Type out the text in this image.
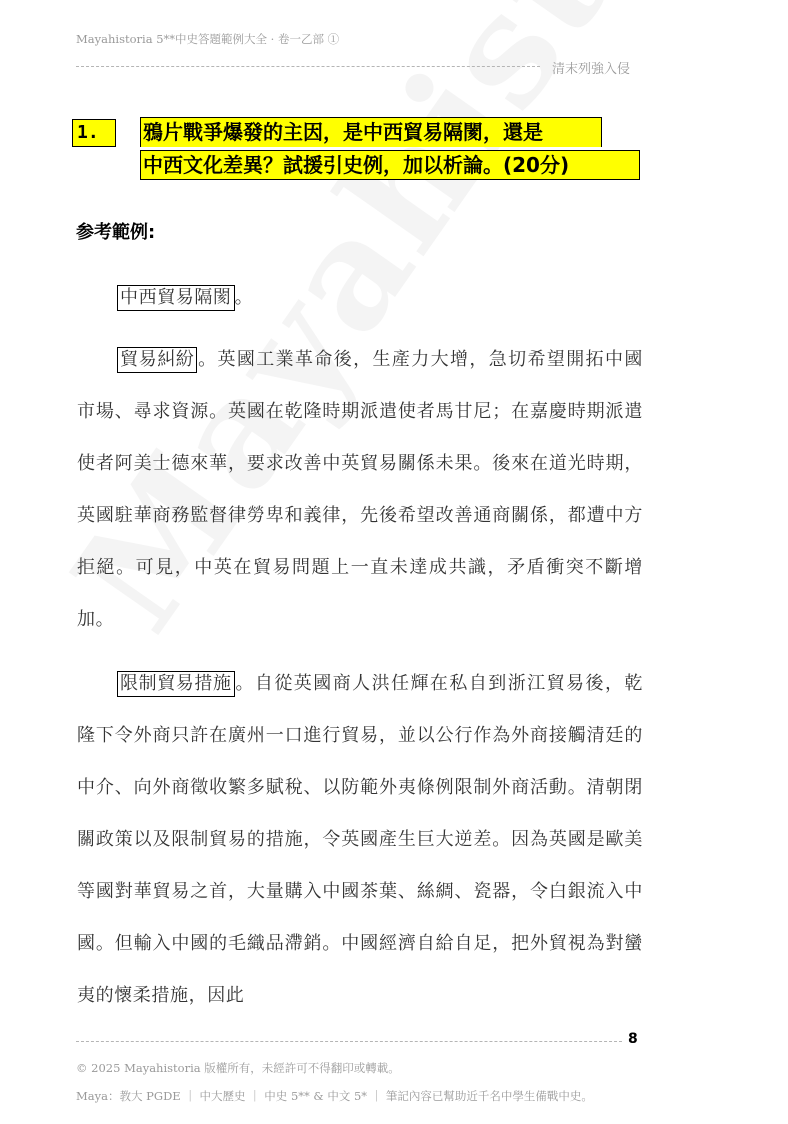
Mayahistoria 5**中史答題範例大全 · 卷一乙部 ①
清末列強入侵
1.	鴉片戰爭爆發的主因，是中西貿易隔閡，還是
中西文化差異？試援引史例，加以析論。(20分)
参考範例:
中西貿易隔閡 。
貿易糾紛 。英國工業革命後，生產力大增，急切希望開拓中國市場、尋求資源。英國在乾隆時期派遣使者馬甘尼；在嘉慶時期派遣使者阿美士德來華，要求改善中英貿易關係未果。後來在道光時期，英國駐華商務監督律勞卑和義律，先後希望改善通商關係，都遭中方拒絕。可見，中英在貿易問題上一直未達成共識，矛盾衝突不斷增加。
限制貿易措施 。自從英國商人洪任輝在私自到浙江貿易後，乾隆下令外商只許在廣州一口進行貿易，並以公行作為外商接觸清廷的中介、向外商徵收繁多賦稅、以防範外夷條例限制外商活動。清朝閉關政策以及限制貿易的措施，令英國產生巨大逆差。因為英國是歐美等國對華貿易之首，大量購入中國茶葉、絲綢、瓷器，令白銀流入中國。但輸入中國的毛織品滯銷。中國經濟自給自足，把外貿視為對蠻夷的懷柔措施，因此
8
© 2025 Mayahistoria 版權所有，未經許可不得翻印或轉載。
Maya：教大 PGDE ｜ 中大歷史 ｜ 中史 5** & 中文 5* ｜ 筆記內容已幫助近千名中學生備戰中史。
